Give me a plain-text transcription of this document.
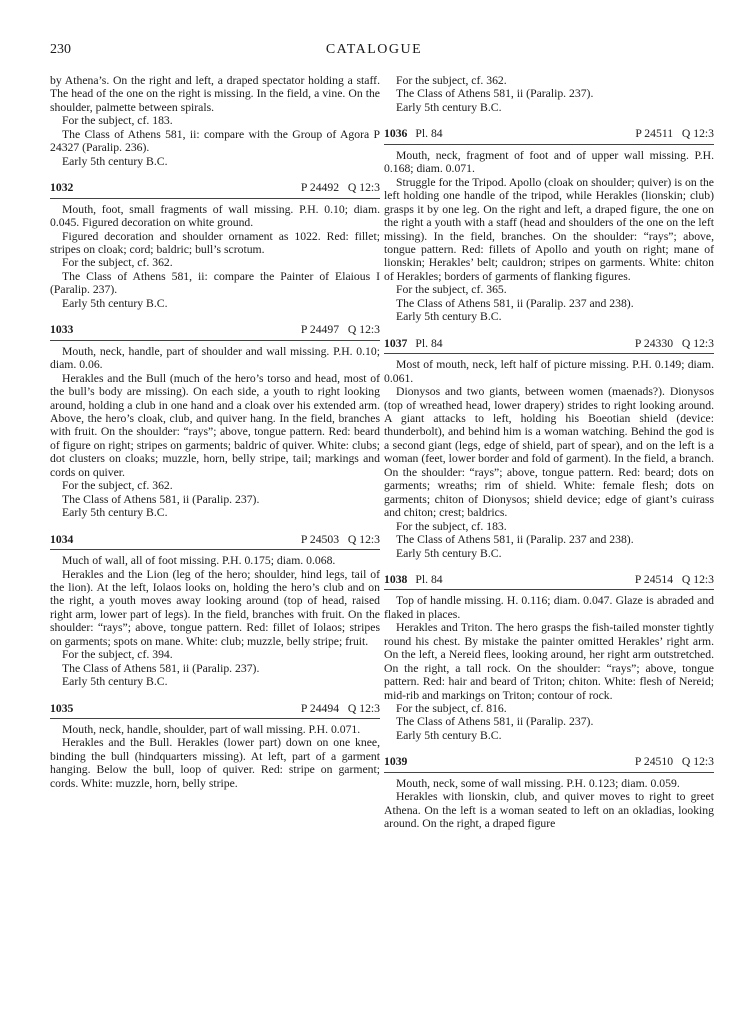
230	CATALOGUE

by Athena’s. On the right and left, a draped spectator holding a staff. The head of the one on the right is missing. In the field, a vine. On the shoulder, palmette between spirals.

For the subject, cf. 183.

The Class of Athens 581, ii: compare with the Group of Agora P 24327 (Paralip. 236).

Early 5th century B.C.

1032	P 24492 Q 12:3

Mouth, foot, small fragments of wall missing. P.H. 0.10; diam. 0.045. Figured decoration on white ground.

Figured decoration and shoulder ornament as 1022. Red: fillet; stripes on cloak; cord; baldric; bull’s scrotum.

For the subject, cf. 362.

The Class of Athens 581, ii: compare the Painter of Elaious I (Paralip. 237).

Early 5th century B.C.

1033	P 24497 Q 12:3

Mouth, neck, handle, part of shoulder and wall missing. P.H. 0.10; diam. 0.06.

Herakles and the Bull (much of the hero’s torso and head, most of the bull’s body are missing). On each side, a youth to right looking around, holding a club in one hand and a cloak over his extended arm. Above, the hero’s cloak, club, and quiver hang. In the field, branches with fruit. On the shoulder: “rays”; above, tongue pattern. Red: beard of figure on right; stripes on garments; baldric of quiver. White: clubs; dot clusters on cloaks; muzzle, horn, belly stripe, tail; markings and cords on quiver.

For the subject, cf. 362.

The Class of Athens 581, ii (Paralip. 237).

Early 5th century B.C.

1034	P 24503 Q 12:3

Much of wall, all of foot missing. P.H. 0.175; diam. 0.068.

Herakles and the Lion (leg of the hero; shoulder, hind legs, tail of the lion). At the left, Iolaos looks on, holding the hero’s club and on the right, a youth moves away looking around (top of head, raised right arm, lower part of legs). In the field, branches with fruit. On the shoulder: “rays”; above, tongue pattern. Red: fillet of Iolaos; stripes on garments; spots on mane. White: club; muzzle, belly stripe; fruit.

For the subject, cf. 394.

The Class of Athens 581, ii (Paralip. 237).

Early 5th century B.C.

1035	P 24494 Q 12:3

Mouth, neck, handle, shoulder, part of wall missing. P.H. 0.071.

Herakles and the Bull. Herakles (lower part) down on one knee, binding the bull (hindquarters missing). At left, part of a garment hanging. Below the bull, loop of quiver. Red: stripe on garment; cords. White: muzzle, horn, belly stripe.

For the subject, cf. 362.

The Class of Athens 581, ii (Paralip. 237).

Early 5th century B.C.

1036 Pl. 84	P 24511 Q 12:3

Mouth, neck, fragment of foot and of upper wall missing. P.H. 0.168; diam. 0.071.

Struggle for the Tripod. Apollo (cloak on shoulder; quiver) is on the left holding one handle of the tripod, while Herakles (lionskin; club) grasps it by one leg. On the right and left, a draped figure, the one on the right a youth with a staff (head and shoulders of the one on the left missing). In the field, branches. On the shoulder: “rays”; above, tongue pattern. Red: fillets of Apollo and youth on right; mane of lionskin; Herakles’ belt; cauldron; stripes on garments. White: chiton of Herakles; borders of garments of flanking figures.

For the subject, cf. 365.

The Class of Athens 581, ii (Paralip. 237 and 238).

Early 5th century B.C.

1037 Pl. 84	P 24330 Q 12:3

Most of mouth, neck, left half of picture missing. P.H. 0.149; diam. 0.061.

Dionysos and two giants, between women (maenads?). Dionysos (top of wreathed head, lower drapery) strides to right looking around. A giant attacks to left, holding his Boeotian shield (device: thunderbolt), and behind him is a woman watching. Behind the god is a second giant (legs, edge of shield, part of spear), and on the left is a woman (feet, lower border and fold of garment). In the field, a branch. On the shoulder: “rays”; above, tongue pattern. Red: beard; dots on garments; wreaths; rim of shield. White: female flesh; dots on garments; chiton of Dionysos; shield device; edge of giant’s cuirass and chiton; crest; baldrics.

For the subject, cf. 183.

The Class of Athens 581, ii (Paralip. 237 and 238).

Early 5th century B.C.

1038 Pl. 84	P 24514 Q 12:3

Top of handle missing. H. 0.116; diam. 0.047. Glaze is abraded and flaked in places.

Herakles and Triton. The hero grasps the fish-tailed monster tightly round his chest. By mistake the painter omitted Herakles’ right arm. On the left, a Nereid flees, looking around, her right arm outstretched. On the right, a tall rock. On the shoulder: “rays”; above, tongue pattern. Red: hair and beard of Triton; chiton. White: flesh of Nereid; mid-rib and markings on Triton; contour of rock.

For the subject, cf. 816.

The Class of Athens 581, ii (Paralip. 237).

Early 5th century B.C.

1039	P 24510 Q 12:3

Mouth, neck, some of wall missing. P.H. 0.123; diam. 0.059.

Herakles with lionskin, club, and quiver moves to right to greet Athena. On the left is a woman seated to left on an okladias, looking around. On the right, a draped figure
